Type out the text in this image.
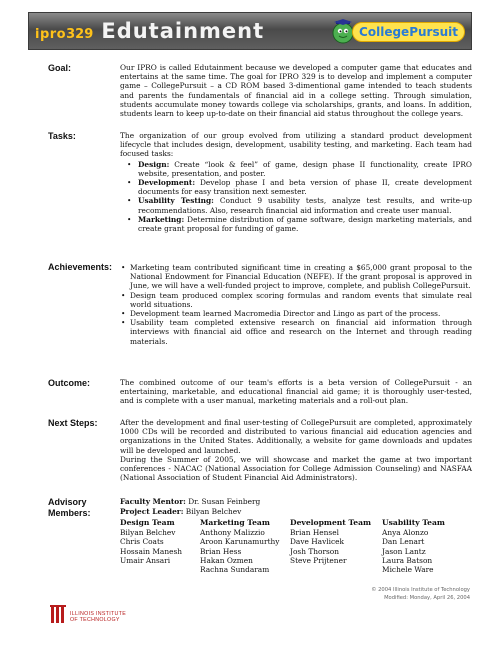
ipro329 Edutainment	CollegePursuit
Goal:	Our IPRO is called Edutainment because we developed a computer game that educates and entertains at the same time. The goal for IPRO 329 is to develop and implement a computer game – CollegePursuit – a CD ROM based 3-dimentional game intended to teach students and parents the fundamentals of financial aid in a college setting. Through simulation, students accumulate money towards college via scholarships, grants, and loans. In addition, students learn to keep up-to-date on their financial aid status throughout the college years.

Tasks:	The organization of our group evolved from utilizing a standard product development lifecycle that includes design, development, usability testing, and marketing. Each team had focused tasks:

• Design: Create “look & feel” of game, design phase II functionality, create IPRO website, presentation, and poster.
• Development: Develop phase I and beta version of phase II, create development documents for easy transition next semester.
• Usability Testing: Conduct 9 usability tests, analyze test results, and write-up recommendations. Also, research financial aid information and create user manual.
• Marketing: Determine distribution of game software, design marketing materials, and create grant proposal for funding of game.
Achievements:
•	Marketing team contributed significant time in creating a $65,000 grant proposal to the National Endowment for Financial Education (NEFE). If the grant proposal is approved in June, we will have a well-funded project to improve, complete, and publish CollegePursuit.
• Design team produced complex scoring formulas and random events that simulate real world situations.
• Development team learned Macromedia Director and Lingo as part of the process.
• Usability team completed extensive research on financial aid information through interviews with financial aid office and research on the Internet and through reading materials.
Outcome:	The combined outcome of our team's efforts is a beta version of CollegePursuit - an entertaining, marketable, and educational financial aid game; it is thoroughly user-tested, and is complete with a user manual, marketing materials and a roll-out plan.

Next Steps:	After the development and final user-testing of CollegePursuit are completed, approximately 1000 CDs will be recorded and distributed to various financial aid education agencies and organizations in the United States. Additionally, a website for game downloads and updates will be developed and launched.

During the Summer of 2005, we will showcase and market the game at two important conferences - NACAC (National Association for College Admission Counseling) and NASFAA (National Association of Student Financial Aid Administrators).

Advisory
Members:
Faculty Mentor: Dr. Susan Feinberg
Project Leader: Bilyan Belchev
Design Team
Bilyan Belchev
Chris Coats
Hossain Manesh
Umair Ansari
Marketing Team
Anthony Malizzio
Aroon Karunamurthy
Brian Hess
Hakan Ozmen
Rachna Sundaram
Development Team
Brian Hensel
Dave Havlicek
Josh Thorson
Steve Prijtener
Usability Team
Anya Alonzo
Dan Lenart
Jason Lantz
Laura Batson
Michele Ware
© 2004 Illinois Institute of Technology
Modified: Monday, April 26, 2004
ILLINOIS INSTITUTE
OF TECHNOLOGY
